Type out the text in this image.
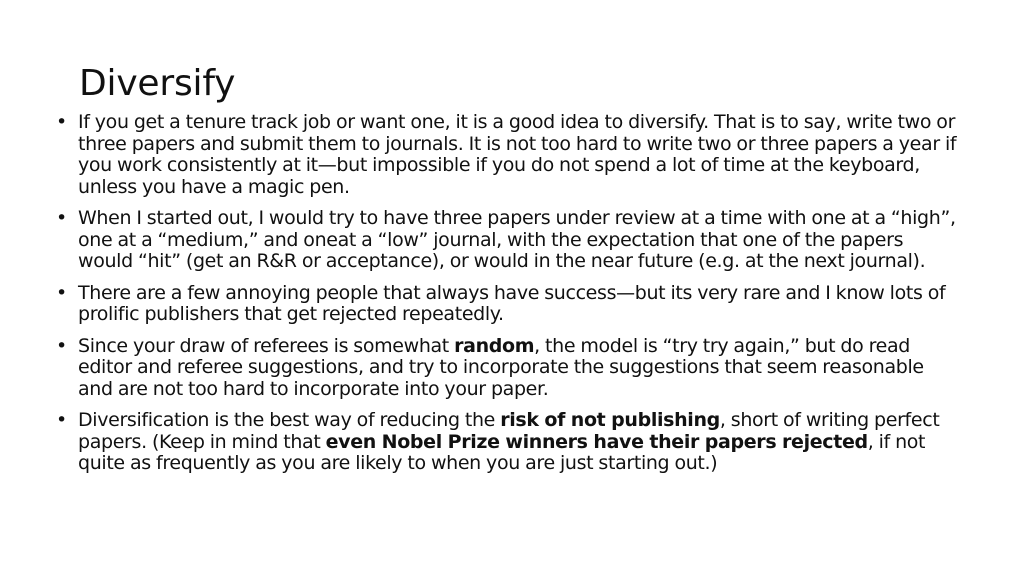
Diversify
• If you get a tenure track job or want one, it is a good idea to diversify. That is to say, write two or three papers and submit them to journals. It is not too hard to write two or three papers a year if you work consistently at it—but impossible if you do not spend a lot of time at the keyboard, unless you have a magic pen.
• When I started out, I would try to have three papers under review at a time with one at a “high”, one at a “medium,” and oneat a “low” journal, with the expectation that one of the papers would “hit” (get an R&R or acceptance), or would in the near future (e.g. at the next journal).
• There are a few annoying people that always have success—but its very rare and I know lots of prolific publishers that get rejected repeatedly.
• Since your draw of referees is somewhat random, the model is “try try again,” but do read editor and referee suggestions, and try to incorporate the suggestions that seem reasonable and are not too hard to incorporate into your paper.
• Diversification is the best way of reducing the risk of not publishing, short of writing perfect papers. (Keep in mind that even Nobel Prize winners have their papers rejected, if not quite as frequently as you are likely to when you are just starting out.)
